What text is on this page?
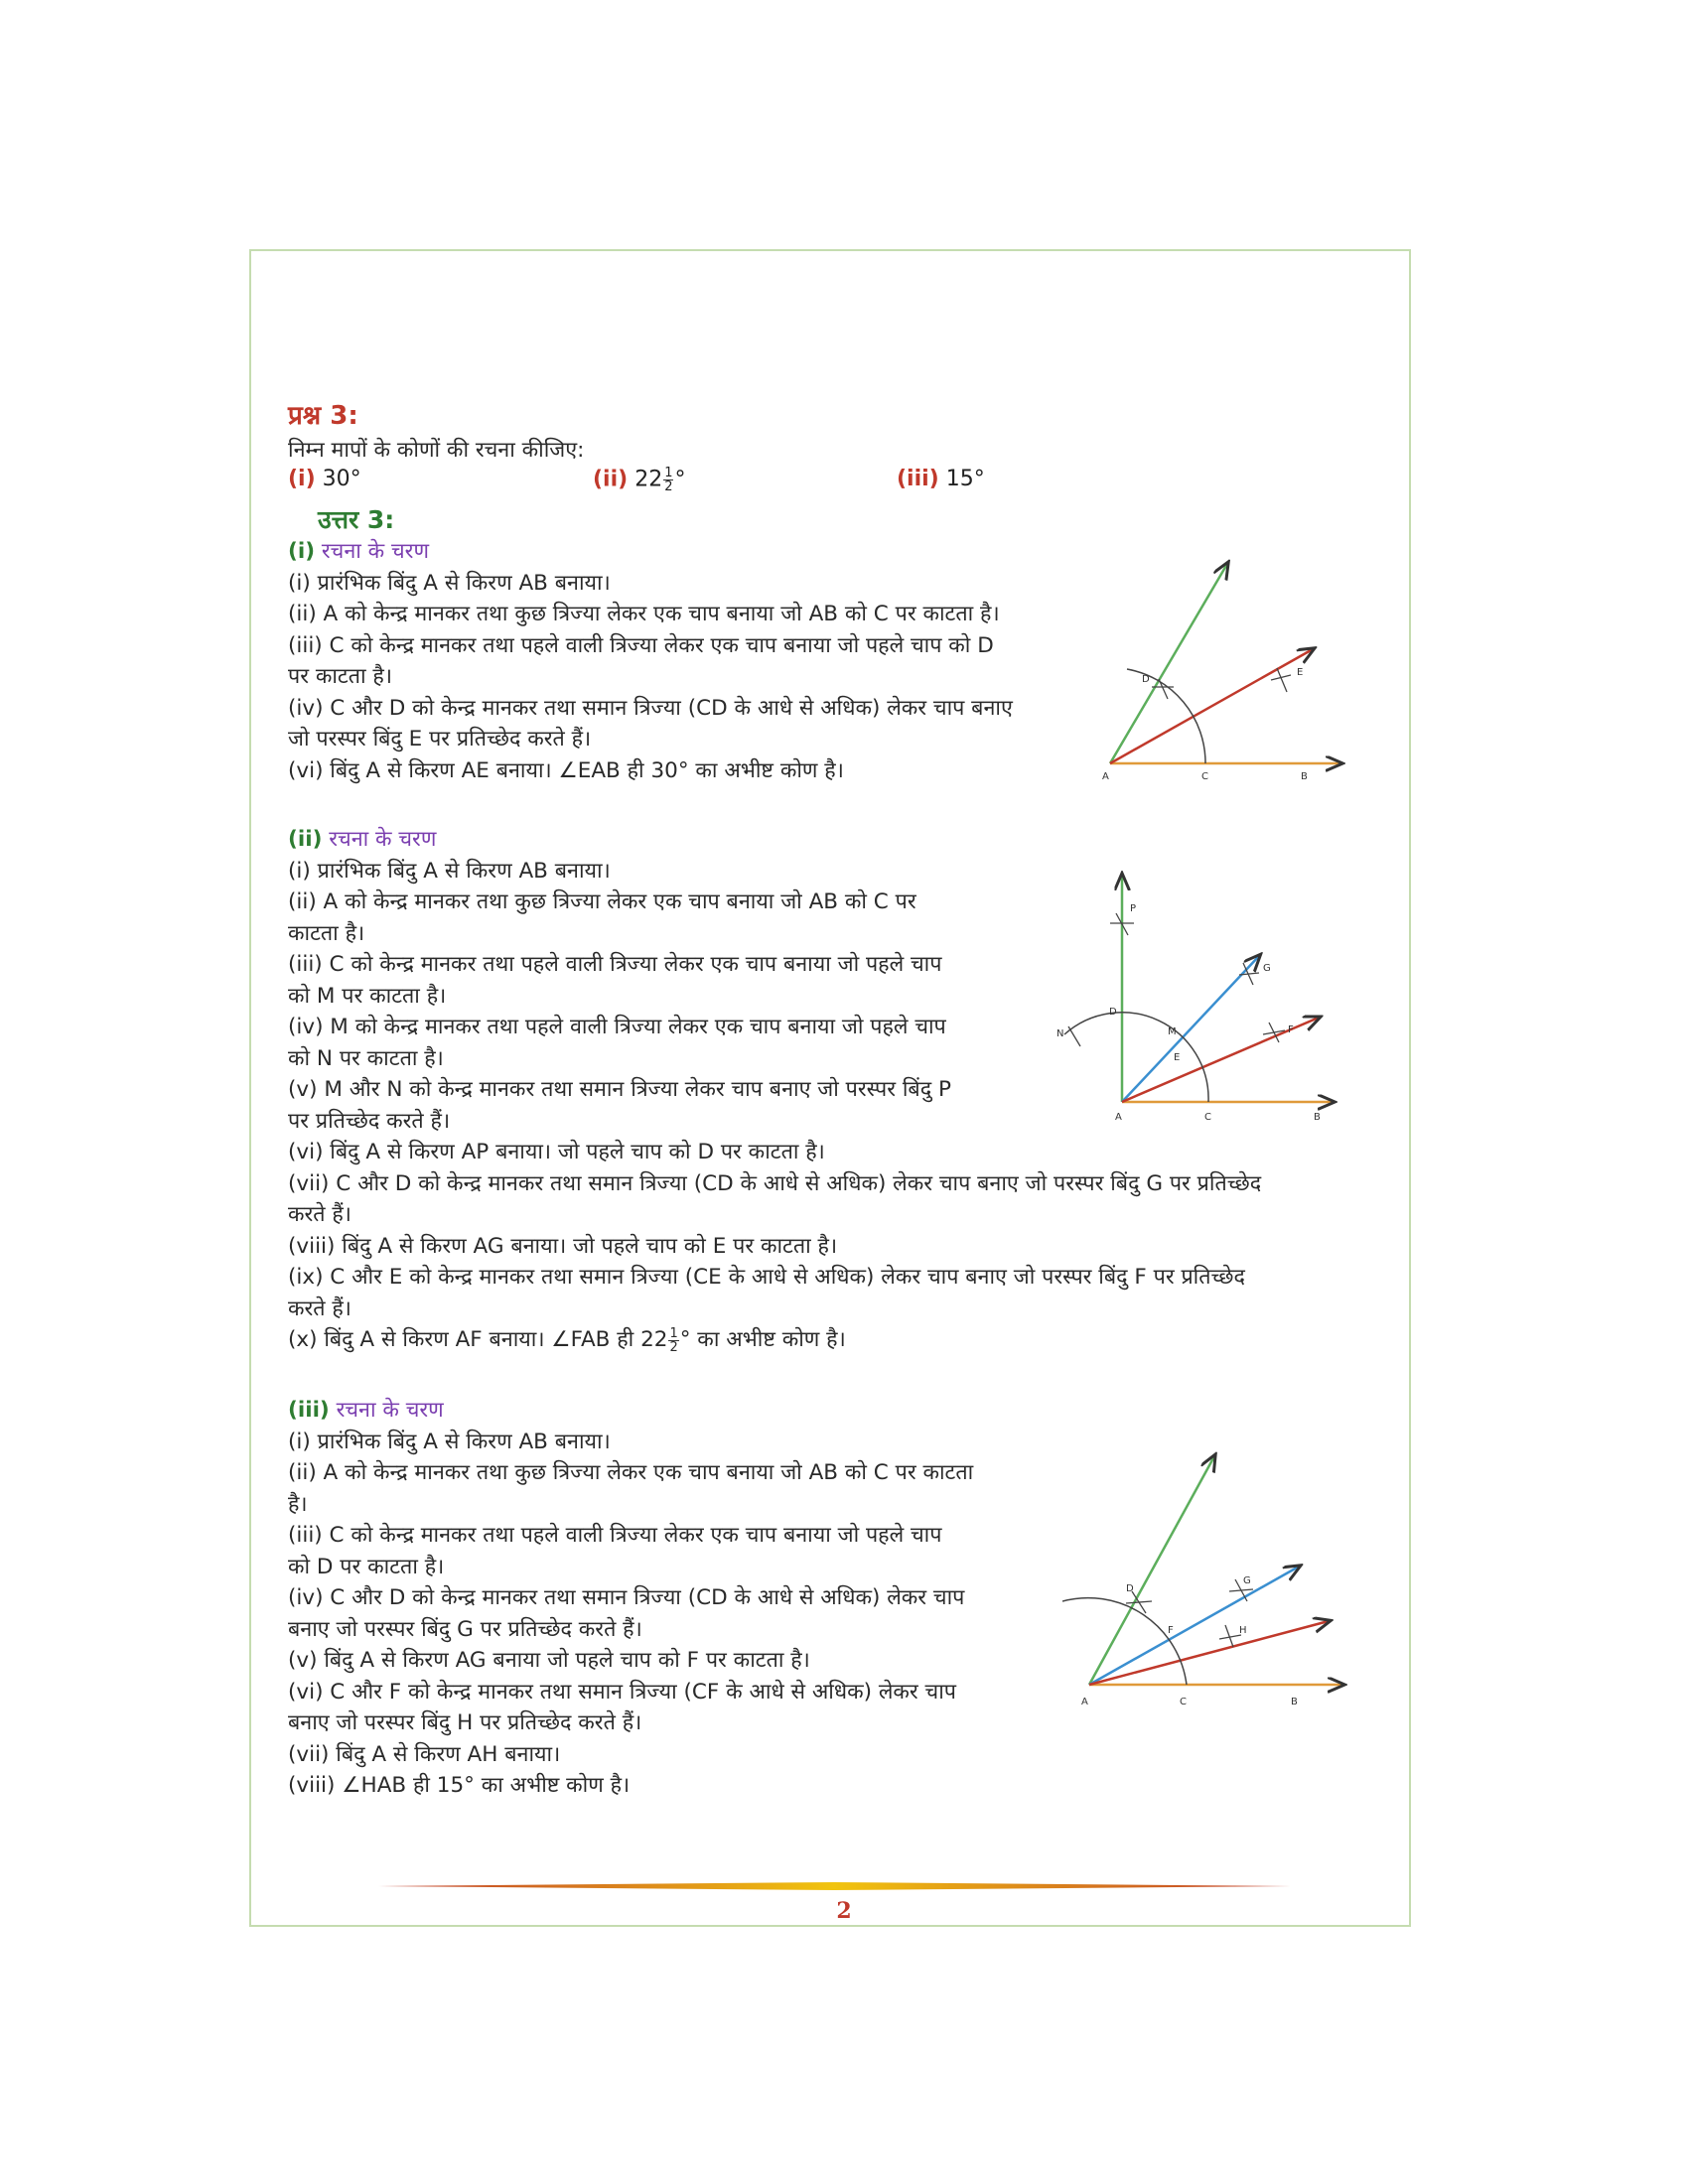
प्रश्न 3:
निम्न मापों के कोणों की रचना कीजिए:
(i) 30°	(ii) $22 \frac{1}{2}$ °	(iii) 15°
उत्तर 3:
(i) रचना के चरण
(i) प्रारंभिक बिंदु A से किरण AB बनाया।
(ii) A को केन्द्र मानकर तथा कुछ त्रिज्या लेकर एक चाप बनाया जो AB को C पर काटता है।
(iii) C को केन्द्र मानकर तथा पहले वाली त्रिज्या लेकर एक चाप बनाया जो पहले चाप को D
पर काटता है।
(iv) C और D को केन्द्र मानकर तथा समान त्रिज्या (CD के आधे से अधिक) लेकर चाप बनाए
जो परस्पर बिंदु E पर प्रतिच्छेद करते हैं।
(vi) बिंदु A से किरण AE बनाया। ∠EAB ही 30° का अभीष्ट कोण है।
(ii) रचना के चरण
(i) प्रारंभिक बिंदु A से किरण AB बनाया।
(ii) A को केन्द्र मानकर तथा कुछ त्रिज्या लेकर एक चाप बनाया जो AB को C पर
काटता है।
(iii) C को केन्द्र मानकर तथा पहले वाली त्रिज्या लेकर एक चाप बनाया जो पहले चाप
को M पर काटता है।
(iv) M को केन्द्र मानकर तथा पहले वाली त्रिज्या लेकर एक चाप बनाया जो पहले चाप
को N पर काटता है।
(v) M और N को केन्द्र मानकर तथा समान त्रिज्या लेकर चाप बनाए जो परस्पर बिंदु P
पर प्रतिच्छेद करते हैं।
(vi) बिंदु A से किरण AP बनाया। जो पहले चाप को D पर काटता है।
(vii) C और D को केन्द्र मानकर तथा समान त्रिज्या (CD के आधे से अधिक) लेकर चाप बनाए जो परस्पर बिंदु G पर प्रतिच्छेद
करते हैं।
(viii) बिंदु A से किरण AG बनाया। जो पहले चाप को E पर काटता है।
(ix) C और E को केन्द्र मानकर तथा समान त्रिज्या (CE के आधे से अधिक) लेकर चाप बनाए जो परस्पर बिंदु F पर प्रतिच्छेद
करते हैं।
(x) बिंदु A से किरण AF बनाया। ∠FAB ही $22 \frac{1}{2}$ ° का अभीष्ट कोण है।
(iii) रचना के चरण
(i) प्रारंभिक बिंदु A से किरण AB बनाया।
(ii) A को केन्द्र मानकर तथा कुछ त्रिज्या लेकर एक चाप बनाया जो AB को C पर काटता
है।
(iii) C को केन्द्र मानकर तथा पहले वाली त्रिज्या लेकर एक चाप बनाया जो पहले चाप
को D पर काटता है।
(iv) C और D को केन्द्र मानकर तथा समान त्रिज्या (CD के आधे से अधिक) लेकर चाप
बनाए जो परस्पर बिंदु G पर प्रतिच्छेद करते हैं।
(v) बिंदु A से किरण AG बनाया जो पहले चाप को F पर काटता है।
(vi) C और F को केन्द्र मानकर तथा समान त्रिज्या (CF के आधे से अधिक) लेकर चाप
बनाए जो परस्पर बिंदु H पर प्रतिच्छेद करते हैं।
(vii) बिंदु A से किरण AH बनाया।
(viii) ∠HAB ही 15° का अभीष्ट कोण है।
A	C	B
D
E
A	C	B
D
M
E
G
F
P
N
A	C	B
D
F
G
H
2
